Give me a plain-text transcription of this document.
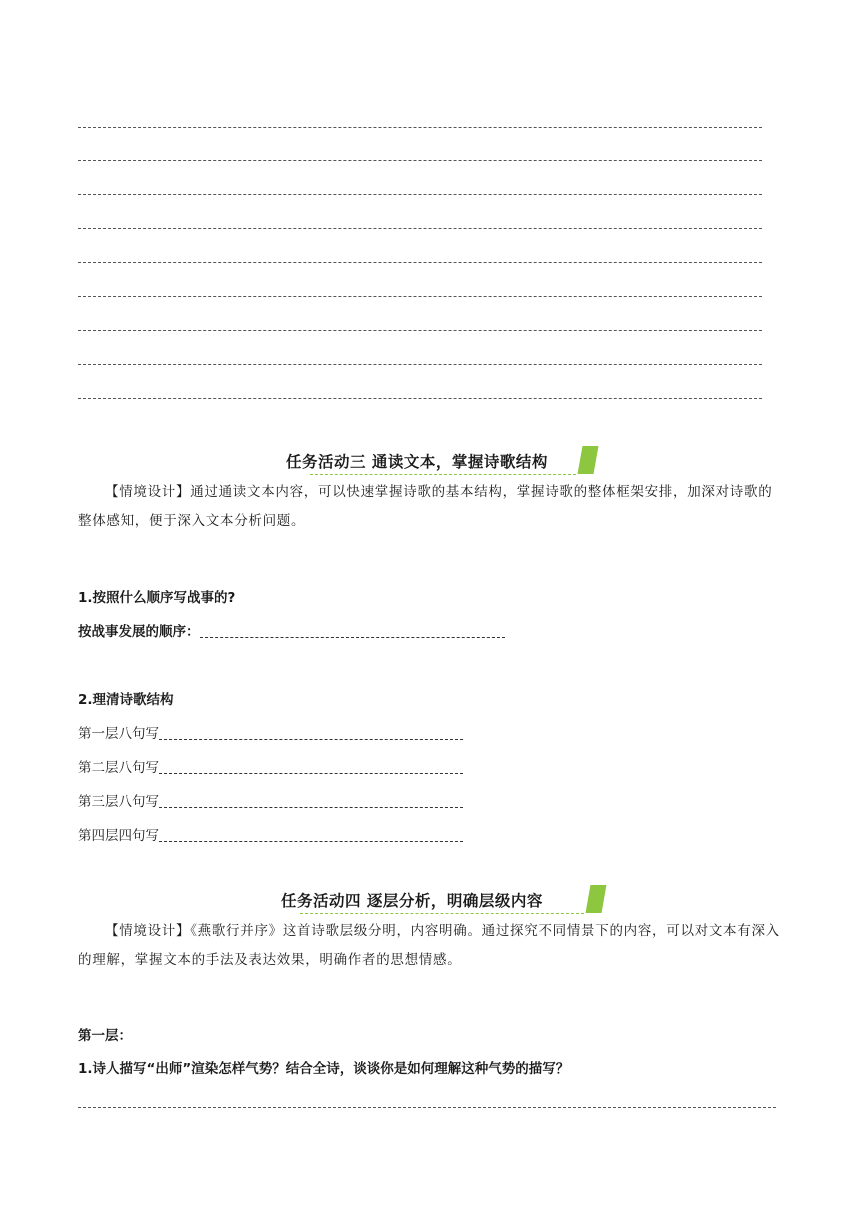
任务活动三 通读文本，掌握诗歌结构
【情境设计】通过通读文本内容，可以快速掌握诗歌的基本结构，掌握诗歌的整体框架安排，加深对诗歌的整体感知，便于深入文本分析问题。
1.按照什么顺序写战事的?
按战事发展的顺序：
2.理清诗歌结构
第一层八句写
第二层八句写
第三层八句写
第四层四句写
任务活动四 逐层分析，明确层级内容
【情境设计】《燕歌行并序》这首诗歌层级分明，内容明确。通过探究不同情景下的内容，可以对文本有深入的理解，掌握文本的手法及表达效果，明确作者的思想情感。
第一层：
1.诗人描写“出师”渲染怎样气势？结合全诗，谈谈你是如何理解这种气势的描写？
